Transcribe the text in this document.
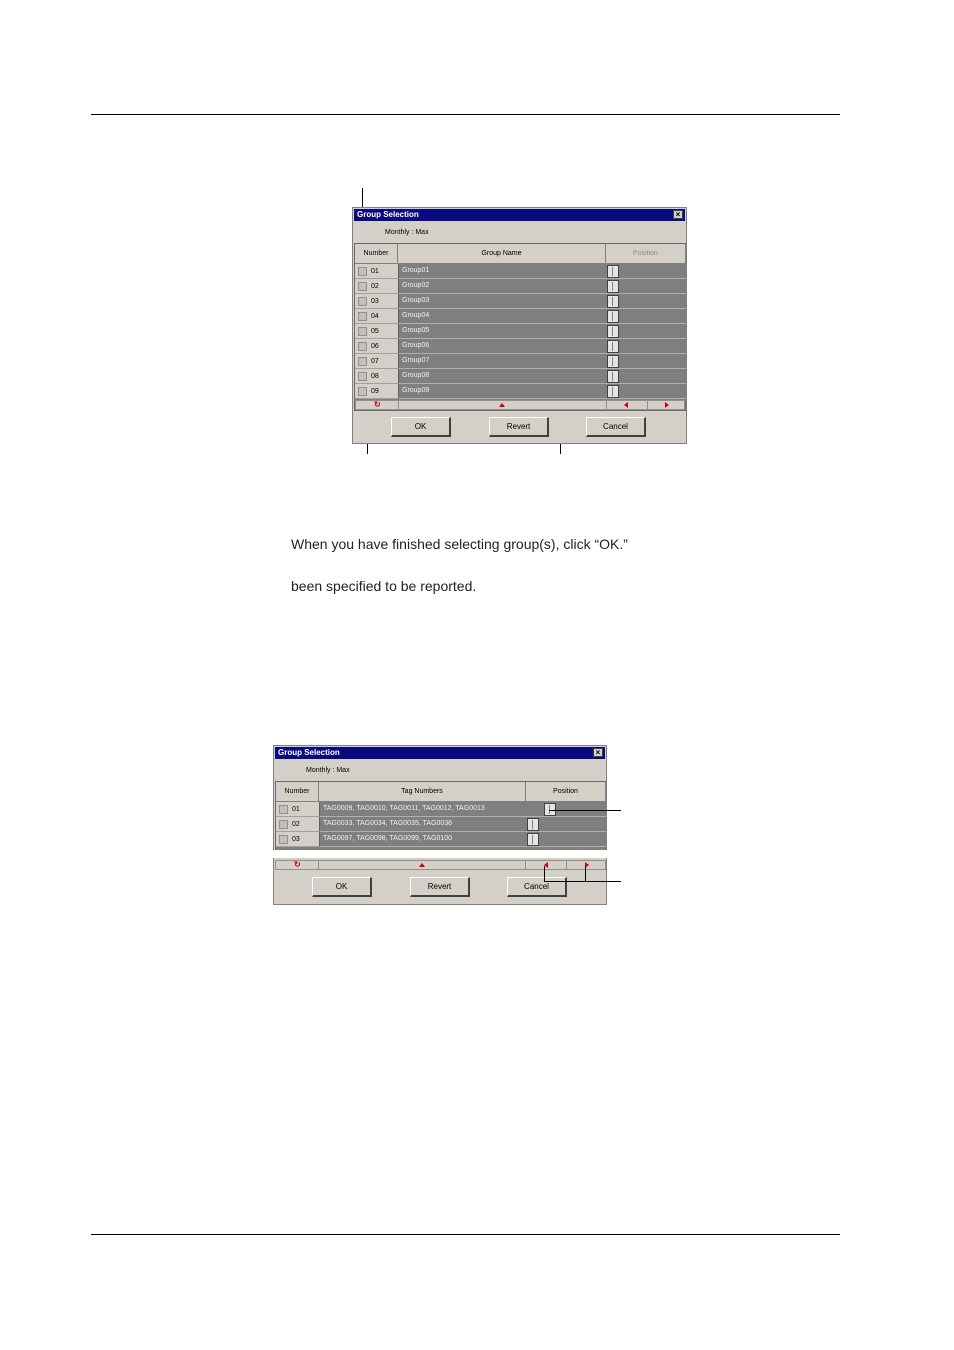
Group Selection	×
Monthly : Max
Number	Group Name	Position
01	Group01
02	Group02
03	Group03
04	Group04
05	Group05
06	Group06
07	Group07
08	Group08
09	Group09
↻
OK	Revert	Cancel
When you have finished selecting group(s), click “OK.”
been specified to be reported.
Group Selection	×
Monthly : Max
Number	Tag Numbers	Position
01	TAG0009, TAG0010, TAG0011, TAG0012, TAG0013
02	TAG0033, TAG0034, TAG0035, TAG0036
03	TAG0097, TAG0098, TAG0099, TAG0100
↻
OK	Revert	Cancel
